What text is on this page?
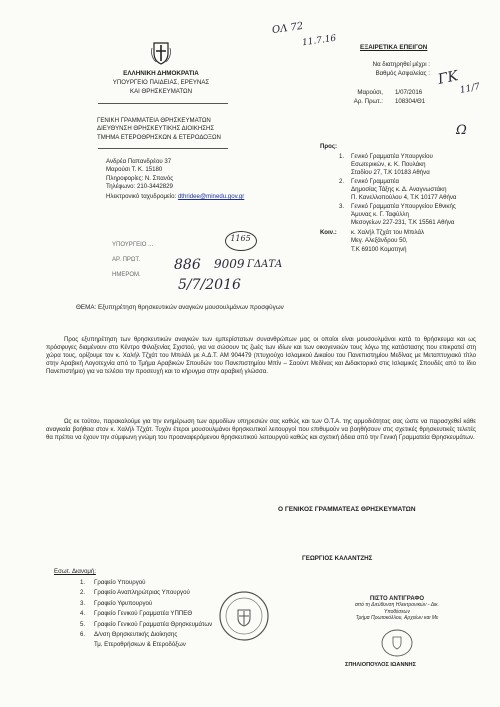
ΕΛΛΗΝΙΚΗ ΔΗΜΟΚΡΑΤΙΑ
ΥΠΟΥΡΓΕΙΟ ΠΑΙΔΕΙΑΣ, ΕΡΕΥΝΑΣ
ΚΑΙ ΘΡΗΣΚΕΥΜΑΤΩΝ
ΓΕΝΙΚΗ ΓΡΑΜΜΑΤΕΙΑ ΘΡΗΣΚΕΥΜΑΤΩΝ
ΔΙΕΥΘΥΝΣΗ ΘΡΗΣΚΕΥΤΙΚΗΣ ΔΙΟΙΚΗΣΗΣ
ΤΜΗΜΑ ΕΤΕΡΟΘΡΗΣΚΩΝ & ΕΤΕΡΟΔΟΞΩΝ
Ανδρέα Παπανδρέου 37
Μαρούσι Τ. Κ. 15180
Πληροφορίες: Ν. Σπανός
Τηλέφωνο: 210-3442829
Ηλεκτρονικό ταχυδρομείο: dthridee@minedu.gov.gr
ΕΞΑΙΡΕΤΙΚΑ ΕΠΕΙΓΟΝ
Να διατηρηθεί μέχρι :
Βαθμός Ασφαλείας :
Μαρούσι, 1/07/2016
Αρ. Πρωτ.: 108304/Θ1
Προς:
1. Γενικό Γραμματέα Υπουργείου
Εσωτερικών, κ. Κ. Πουλάκη
Σταδίου 27, Τ.Κ 10183 Αθήνα
2. Γενικό Γραμματέα
Δημοσίας Τάξης κ. Δ. Αναγνωστάκη
Π. Κανελλοπούλου 4, Τ.Κ 10177 Αθήνα
3. Γενικό Γραμματέα Υπουργείου Εθνικής
Άμυνας κ. Γ. Ταφύλλη
Μεσογείων 227-231, Τ.Κ 15561 Αθήνα
Κοιν.: κ. Χαλήλ Τζχάτ του Μπιλάλ
Μεγ. Αλεξάνδρου 50,
Τ.Κ 69100 Κομοτηνή
ΥΠΟΥΡΓΕΙΟ ...
ΑΡ. ΠΡΩΤ.
ΗΜΕΡΟΜ.
886 9009 ΓΔΑΤΑ
5/7/2016
1165
ΟΛ 72
11.7.16
ΓΚ
11/7
Ω
ΘΕΜΑ: Εξυπηρέτηση θρησκευτικών αναγκών μουσουλμάνων προσφύγων
Προς εξυπηρέτηση των θρησκευτικών αναγκών των εμπερίστατων συνανθρώπων μας οι οποίοι είναι μουσουλμάνοι κατά το θρήσκευμα και ως πρόσφυγες διαμένουν στο Κέντρο Φιλοξενίας Σχιστού, για να σώσουν τις ζωές των ιδίων και των οικογενειών τους λόγω της κατάστασης που επικρατεί στη χώρα τους, ορίζουμε τον κ. Χαλήλ Τζχάτ του Μπιλάλ με Α.Δ.Τ. ΑΜ 904479 (πτυχιούχο Ισλαμικού Δικαίου του Πανεπιστημίου Μεδίνας με Μεταπτυχιακό τίτλο στην Αραβική Λογοτεχνία από το Τμήμα Αραβικών Σπουδών του Πανεπιστημίου Μπίν – Σαούντ Μεδίνας και Διδακτορικό στις Ισλαμικές Σπουδές από το ίδιο Πανεπιστήμιο) για να τελέσει την προσευχή και το κήρυγμα στην αραβική γλώσσα.
Ως εκ τούτου, παρακαλούμε για την ενημέρωση των αρμοδίων υπηρεσιών σας καθώς και των Ο.Τ.Α. της αρμοδιότητας σας ώστε να παρασχεθεί κάθε αναγκαία βοήθεια στον κ. Χαλήλ Τζχάτ. Τυχόν έτεροι μουσουλμάνοι θρησκευτικοί λειτουργοί που επιθυμούν να βοηθήσουν στις σχετικές θρησκευτικές τελετές θα πρέπει να έχουν την σύμφωνη γνώμη του προαναφερόμενου θρησκευτικού λειτουργού καθώς και σχετική άδεια από την Γενική Γραμματεία Θρησκευμάτων.
Ο ΓΕΝΙΚΟΣ ΓΡΑΜΜΑΤΕΑΣ ΘΡΗΣΚΕΥΜΑΤΩΝ
ΓΕΩΡΓΙΟΣ ΚΑΛΑΝΤΖΗΣ
Εσωτ. Διανομή:
1. Γραφείο Υπουργού
2. Γραφείο Αναπληρώτριας Υπουργού
3. Γραφείο Υφυπουργού
4. Γραφείο Γενικού Γραμματέα ΥΠΠΕΘ
5. Γραφείο Γενικού Γραμματέα Θρησκευμάτων
6. Δ/νση Θρησκευτικής Διοίκησης
Τμ. Ετεροθρήσκων & Ετεροδόξων
ΠΙΣΤΟ ΑΝΤΙΓΡΑΦΟ
από τη Διεύθυνση Ηλεκτρονικών - Δικ.
Υποθέσεων
Τμήμα Πρωτοκόλλου, Αρχείων και Με
ΣΠΗΛΙΟΠΟΥΛΟΣ ΙΩΑΝΝΗΣ
